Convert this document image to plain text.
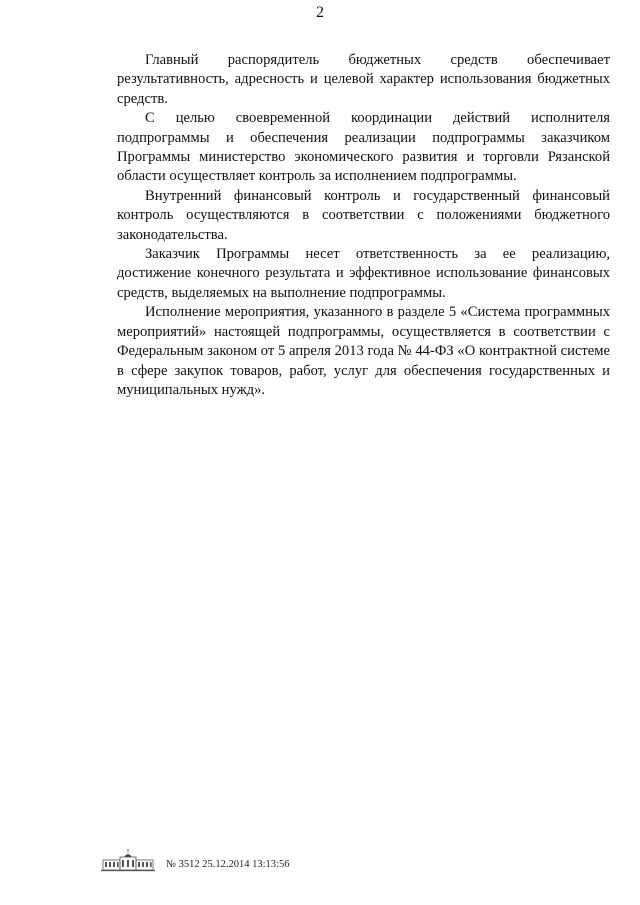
2

Главный распорядитель бюджетных средств обеспечивает результативность, адресность и целевой характер использования бюджетных средств.

С целью своевременной координации действий исполнителя подпрограммы и обеспечения реализации подпрограммы заказчиком Программы министерство экономического развития и торговли Рязанской области осуществляет контроль за исполнением подпрограммы.

Внутренний финансовый контроль и государственный финансовый контроль осуществляются в соответствии с положениями бюджетного законодательства.

Заказчик Программы несет ответственность за ее реализацию, достижение конечного результата и эффективное использование финансовых средств, выделяемых на выполнение подпрограммы.

Исполнение мероприятия, указанного в разделе 5 «Система программных мероприятий» настоящей подпрограммы, осуществляется в соответствии с Федеральным законом от 5 апреля 2013 года № 44-ФЗ «О контрактной системе в сфере закупок товаров, работ, услуг для обеспечения государственных и муниципальных нужд».

№ 3512 25.12.2014 13:13:56
